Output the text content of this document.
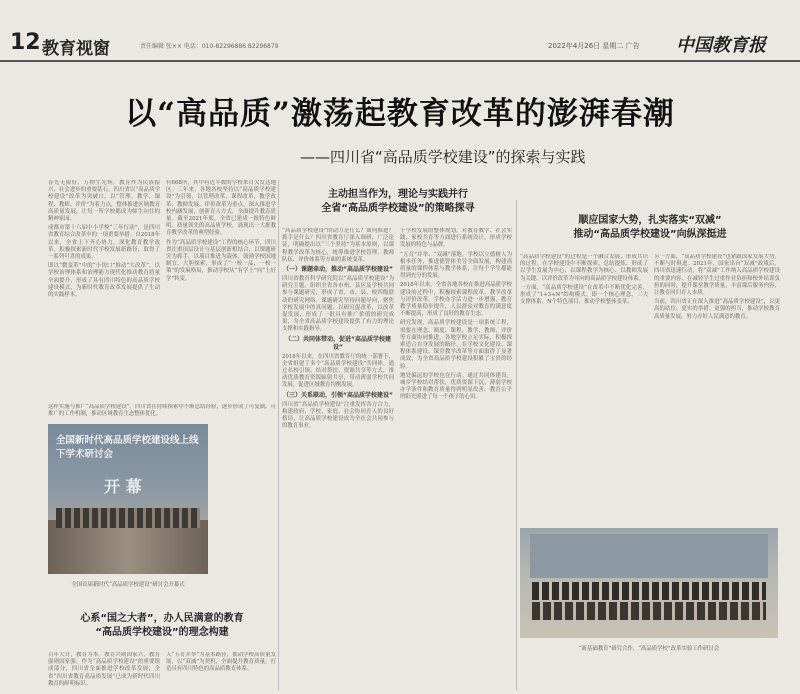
12 教育视窗	责任编辑 张×× 电话：010-82296886 82296879	2022年4月26日 星期二 广告 中国教育报
以“高品质”激荡起教育改革的澎湃春潮
——四川省“高品质学校建设”的探索与实践

春光无限好，万物生光辉。教育作为民族振兴、社会进步的重要基石，四川省以“高品质学校建设”改革为突破口，以“管理、教学、课程、教师、评价”为着力点，整体推进区域教育高质量发展，让每一所学校都成为师生向往的精神家园。

成都市第十六届中小学校“三年行动”，是四川省教育综合改革中的一项重要举措。自2018年以来，全省上下齐心协力，深化教育教学改革，积极探索新时代学校发展新路径，取得了一系列可喜的成果。

即以“微变革”中的“小切口”推动“大改革”，以学校治理体系和治理能力现代化推动教育质量全面提升，形成了具有四川特色的高品质学校建设模式，为新时代教育改革发展提供了生动的实践样本。

这样实施与推广“高品质学校建设”，四川省在持续探索中不断总结经验，逐步形成了可复制、可推广的工作机制，推动区域教育生态整体优化。

有668所，其中有近半数的学校来自欠发达地区。三年来，各地各校坚持以“高品质学校建设”为引领，以管理改革、课程改革、教学改革、教师发展、评价改革为重点，深入推进学校内涵发展，创新育人方式，全面提升教育质量。截至2021年底，全省已建成一批特色鲜明、质量领先的高品质学校，涌现出一大批教育教学改革的典型经验。

作为“高品质学校建设”工程的核心环节，四川省注重顶层设计与基层创新相结合，以课题研究为抓手，以项目推进为载体，鼓励学校因地制宜、大胆探索，形成了“一校一品、一校一策”的发展格局，推动学校从“有学上”向“上好学”转变。

全国新时代高品质学校建设线上线下学术研讨会
开 幕
全国首届新时代“高品质学校建设”研讨会开幕式
主动担当作为，理论与实践并行
全省“高品质学校建设”的策略探寻

“高品质学校建设”的动力是什么？如何推进？抓手是什么？四川省教育厅深入调研、广泛论证，明确提出以“三个坚持”为基本原则，以课程教学改革为核心，统筹推进学校管理、教师队伍、评价体系等方面的系统变革。

（一）课题牵动，推动“高品质学校建设”

四川省教育科学研究院以“高品质学校建设”为研究主题，组织全省各市州、县区及学校共同参与课题研究，形成了省、市、县、校四级联动的研究网络。课题研究坚持问题导向，聚焦学校发展中的真问题，以研究促改革，以改革促发展，形成了一批具有推广价值的研究成果，为全省高品质学校建设提供了有力的理论支撑和实践指导。

（二）共同体带动，促进“高品质学校建设”

2018年以来，在四川省教育厅的统一部署下，全省组建了多个“高品质学校建设”共同体，通过名校引领、结对帮扶、资源共享等方式，推动优质教育资源辐射共享，带动薄弱学校共同发展，促进区域教育均衡发展。

（三）关系联动，引领“高品质学校建设”

四川省“高品质学校建设”注重发挥各方合力，构建政府、学校、家庭、社会协同育人的良好格局，让高品质学校建设成为全社会共同参与的教育事业。

于学校发展的整体规划，对教育教学、社会实践、家校共育等方面进行系统设计，形成学校发展的特色与品牌。

“五育”并举、“双减”落地，学校以立德树人为根本任务，推进德智体美劳全面发展，构建高质量的课程体系与教学体系，让每个学生都能得到充分的发展。

2018年以来，全省各地各校在推进高品质学校建设的过程中，积极探索课程改革、教学改革与评价改革，学校办学活力进一步增强，教育教学质量稳步提升，人民群众对教育的满意度不断提高，形成了良好的教育生态。

研究发现，高品质学校建设是一项系统工程，需要在理念、制度、课程、教学、教师、评价等方面协同推进。各地学校立足实际，积极探索适合自身发展的路径，在学校文化建设、课程体系建设、课堂教学改革等方面取得了显著成效，为全省高品质学校建设积累了宝贵的经验。

地处偏远的学校也在行动。通过共同体建设，城乡学校结对帮扶，优质资源下沉，薄弱学校办学条件和教育质量得到明显改善，教育公平的阳光照进了每一个孩子的心田。

顺应国家大势，扎实落实“双减”
推动“高品质学校建设”向纵深挺进

“高品质学校建设”的过程是一个融合发展、形成共识的过程。在学校建设中不断探索、总结提炼，形成了以学生发展为中心、以课程教学为核心、以教师发展为关键、以评价改革为导向的高品质学校建设体系。

一方面，“高品质学校建设”在改革中不断优化完善，形成了“1+3+N”结构模式，即一个核心理念、三大支撑体系、N个特色项目，推动学校整体变革。

另一方面，“高品质学校建设”也紧跟国家发展大势，不断与时俱进。2021年，国家出台“双减”政策后，四川省迅速行动，将“双减”工作纳入高品质学校建设的重要内容，在减轻学生过重作业负担和校外培训负担的同时，提升课堂教学质量，丰富课后服务内容，让教育回归育人本质。

当前，四川省正在深入推进“高品质学校建设”，以更高的站位、更实的举措、更强的担当，推动学校教育高质量发展，努力办好人民满意的教育。

“新基础教育”研究合作，“高品质学校”改革实验工作研讨会
心系“国之大者”，办人民满意的教育
“高品质学校建设”的理念构建
百年大计，教育为本。教育兴则国家兴，教育强则国家强。作为“高品质学校建设”的重要组成部分，四川省全面推进学校改革发展，全省“四川省教育高品质发展”已成为新时代四川教育的鲜明标识。
人“五育并举”为基本路径，推动学校高质量发展，以“双减”为契机，全面提升教育质量，打造具有四川特色的高品质教育体系。
